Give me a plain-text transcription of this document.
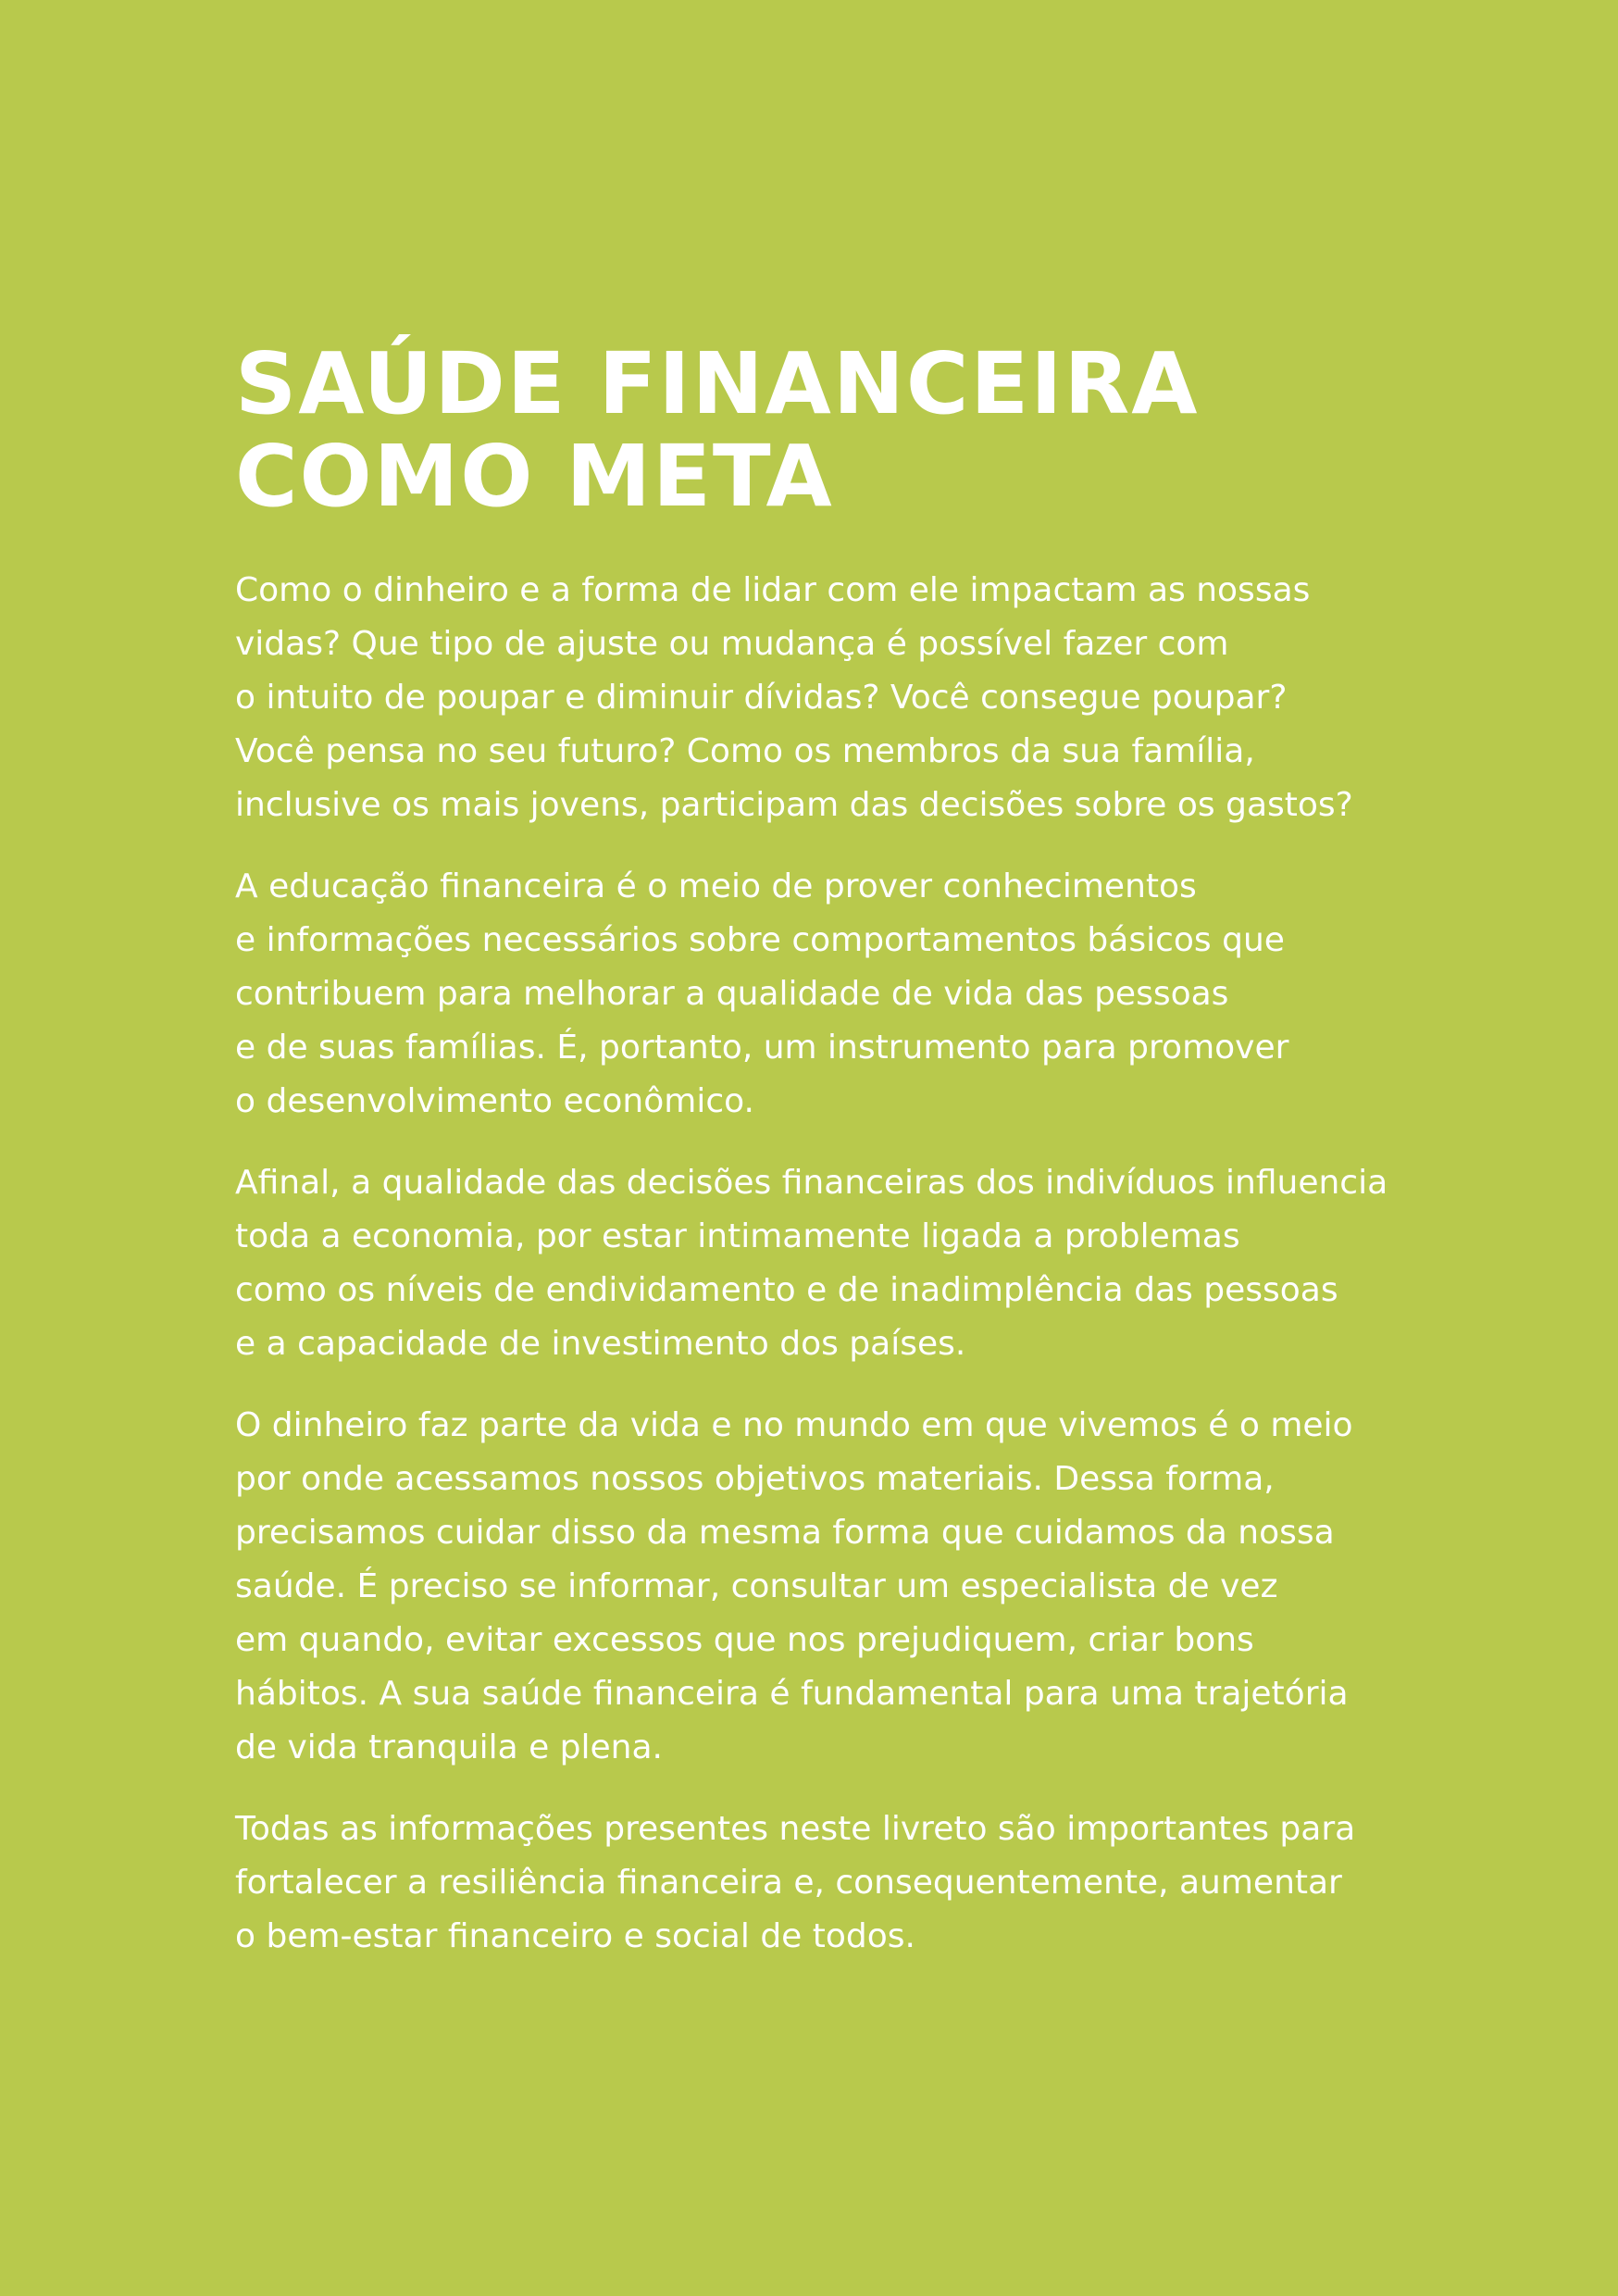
SAÚDE FINANCEIRA
COMO META

Como o dinheiro e a forma de lidar com ele impactam as nossas
vidas? Que tipo de ajuste ou mudança é possível fazer com
o intuito de poupar e diminuir dívidas? Você consegue poupar?
Você pensa no seu futuro? Como os membros da sua família,
inclusive os mais jovens, participam das decisões sobre os gastos?

A educação financeira é o meio de prover conhecimentos
e informações necessários sobre comportamentos básicos que
contribuem para melhorar a qualidade de vida das pessoas
e de suas famílias. É, portanto, um instrumento para promover
o desenvolvimento econômico.

Afinal, a qualidade das decisões financeiras dos indivíduos influencia
toda a economia, por estar intimamente ligada a problemas
como os níveis de endividamento e de inadimplência das pessoas
e a capacidade de investimento dos países.

O dinheiro faz parte da vida e no mundo em que vivemos é o meio
por onde acessamos nossos objetivos materiais. Dessa forma,
precisamos cuidar disso da mesma forma que cuidamos da nossa
saúde. É preciso se informar, consultar um especialista de vez
em quando, evitar excessos que nos prejudiquem, criar bons
hábitos. A sua saúde financeira é fundamental para uma trajetória
de vida tranquila e plena.

Todas as informações presentes neste livreto são importantes para
fortalecer a resiliência financeira e, consequentemente, aumentar
o bem-estar financeiro e social de todos.
